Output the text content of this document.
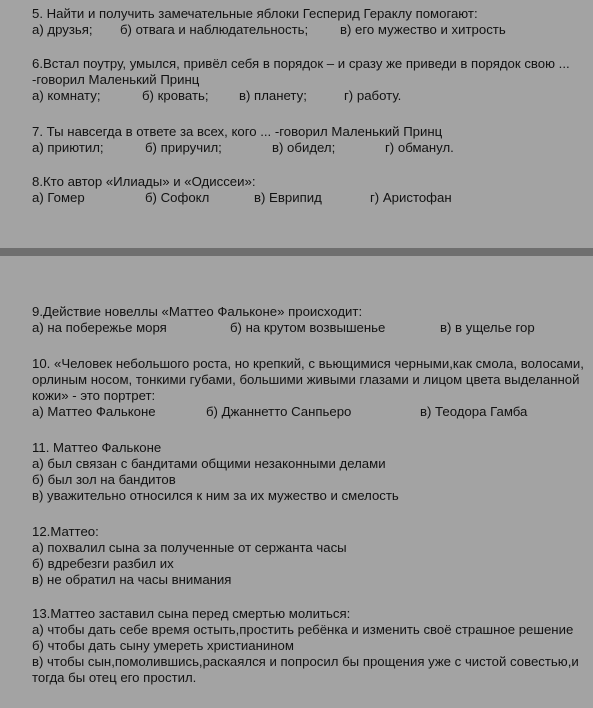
5. Найти и получить замечательные яблоки Гесперид Гераклу помогают:
а) друзья; б) отвага и наблюдательность; в) его мужество и хитрость
6.Встал поутру, умылся, привёл себя в порядок – и сразу же приведи в порядок свою ... -говорил Маленький Принц
а) комнату;	б) кровать; в) планету;	г) работу.
7. Ты навсегда в ответе за всех, кого ... -говорил Маленький Принц
а) приютил;	б) приручил;	в) обидел;	г) обманул.
8.Кто автор «Илиады» и «Одиссеи»:
а) Гомер	б) Софокл	в) Еврипид	г) Аристофан
9.Действие новеллы «Маттео Фальконе» происходит:
а) на побережье моря	б) на крутом возвышенье	в) в ущелье гор
10. «Человек небольшого роста, но крепкий, с вьющимися черными,как смола, волосами, орлиным носом, тонкими губами, большими живыми глазами и лицом цвета выделанной кожи» - это портрет:
а) Маттео Фальконе	б) Джаннетто Санпьеро	в) Теодора Гамба
11. Маттео Фальконе
а) был связан с бандитами общими незаконными делами
б) был зол на бандитов
в) уважительно относился к ним за их мужество и смелость
12.Маттео:
а) похвалил сына за полученные от сержанта часы
б) вдребезги разбил их
в) не обратил на часы внимания
13.Маттео заставил сына перед смертью молиться:
а) чтобы дать себе время остыть,простить ребёнка и изменить своё страшное решение
б) чтобы дать сыну умереть христианином
в) чтобы сын,помолившись,раскаялся и попросил бы прощения уже с чистой совестью,и тогда бы отец его простил.
